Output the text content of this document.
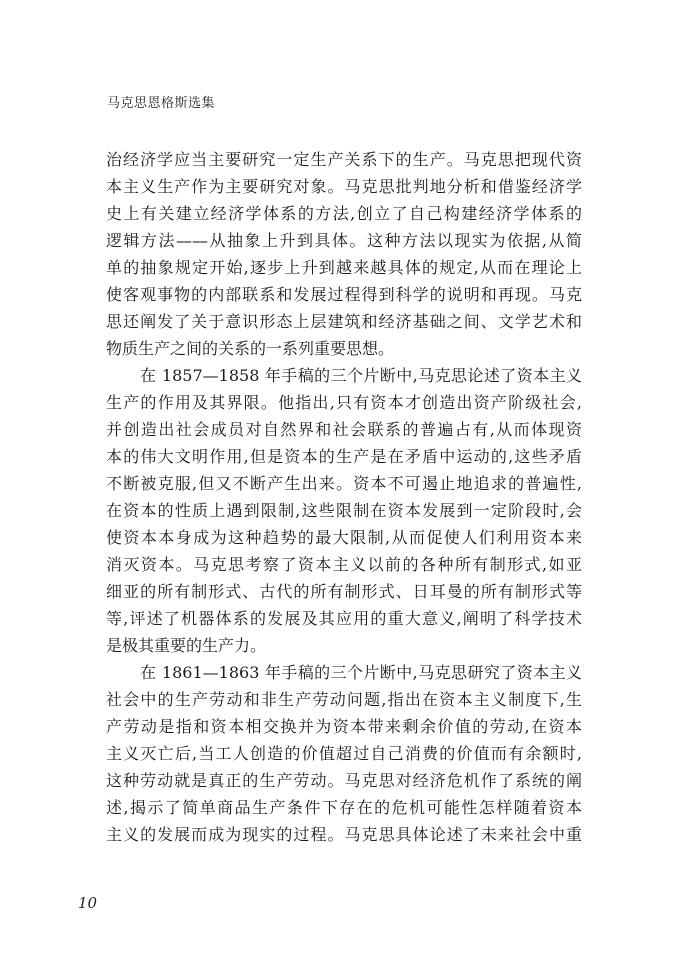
马克思恩格斯选集
治经济学应当主要研究一定生产关系下的生产。马克思把现代资
本主义生产作为主要研究对象。马克思批判地分析和借鉴经济学
史上有关建立经济学体系的方法,创立了自己构建经济学体系的
逻辑方法——从抽象上升到具体。这种方法以现实为依据,从简
单的抽象规定开始,逐步上升到越来越具体的规定,从而在理论上
使客观事物的内部联系和发展过程得到科学的说明和再现。马克
思还阐发了关于意识形态上层建筑和经济基础之间、文学艺术和
物质生产之间的关系的一系列重要思想。
在 1857—1858 年手稿的三个片断中,马克思论述了资本主义
生产的作用及其界限。他指出,只有资本才创造出资产阶级社会,
并创造出社会成员对自然界和社会联系的普遍占有,从而体现资
本的伟大文明作用,但是资本的生产是在矛盾中运动的,这些矛盾
不断被克服,但又不断产生出来。资本不可遏止地追求的普遍性,
在资本的性质上遇到限制,这些限制在资本发展到一定阶段时,会
使资本本身成为这种趋势的最大限制,从而促使人们利用资本来
消灭资本。马克思考察了资本主义以前的各种所有制形式,如亚
细亚的所有制形式、古代的所有制形式、日耳曼的所有制形式等
等,评述了机器体系的发展及其应用的重大意义,阐明了科学技术
是极其重要的生产力。
在 1861—1863 年手稿的三个片断中,马克思研究了资本主义
社会中的生产劳动和非生产劳动问题,指出在资本主义制度下,生
产劳动是指和资本相交换并为资本带来剩余价值的劳动,在资本
主义灭亡后,当工人创造的价值超过自己消费的价值而有余额时,
这种劳动就是真正的生产劳动。马克思对经济危机作了系统的阐
述,揭示了简单商品生产条件下存在的危机可能性怎样随着资本
主义的发展而成为现实的过程。马克思具体论述了未来社会中重
10
